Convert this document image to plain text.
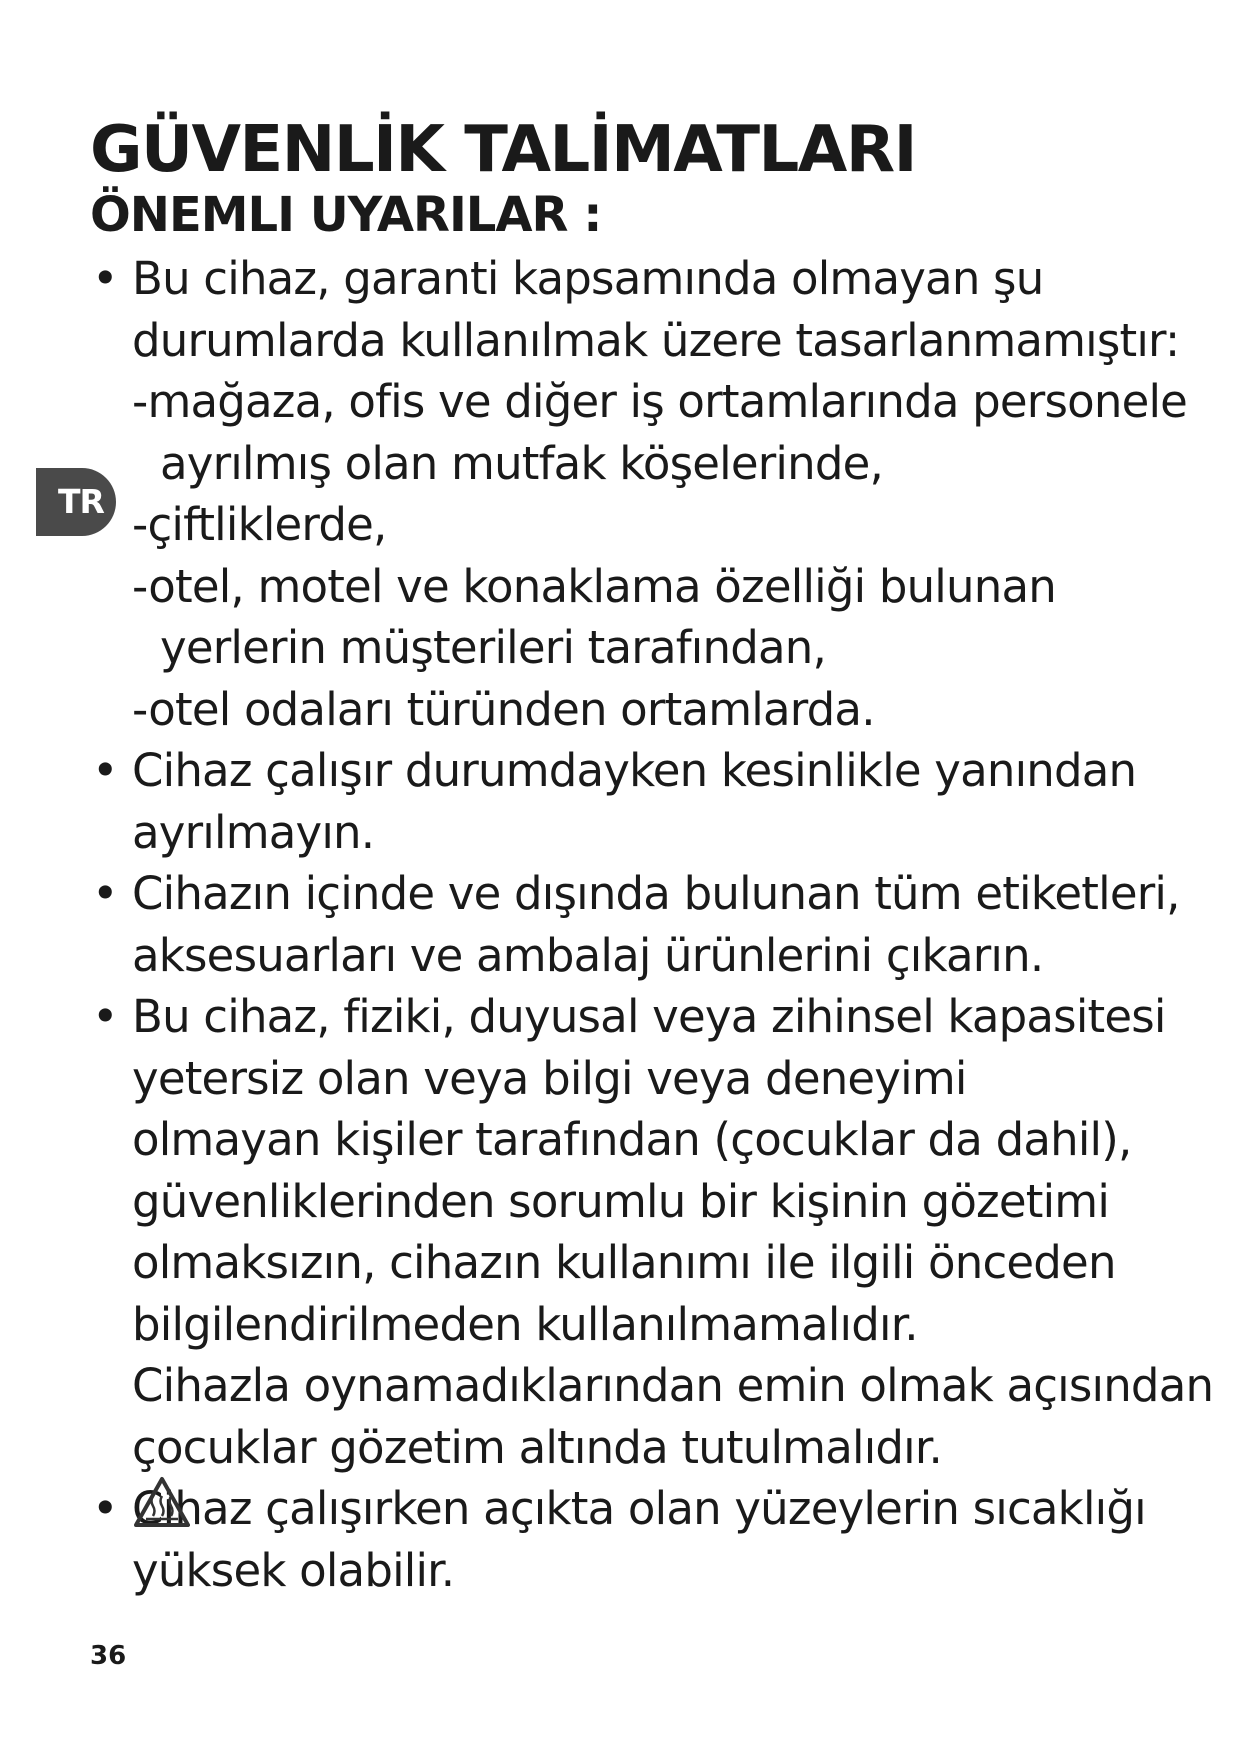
GÜVENLİK TALİMATLARI
ÖNEMLI UYARILAR :
TR
• Bu cihaz, garanti kapsamında olmayan şu
durumlarda kullanılmak üzere tasarlanmamıştır:
-mağaza, ofis ve diğer iş ortamlarında personele
ayrılmış olan mutfak köşelerinde,
-çiftliklerde,
-otel, motel ve konaklama özelliği bulunan
yerlerin müşterileri tarafından,
-otel odaları türünden ortamlarda.
• Cihaz çalışır durumdayken kesinlikle yanından
ayrılmayın.
• Cihazın içinde ve dışında bulunan tüm etiketleri,
aksesuarları ve ambalaj ürünlerini çıkarın.
• Bu cihaz, fiziki, duyusal veya zihinsel kapasitesi
yetersiz olan veya bilgi veya deneyimi
olmayan kişiler tarafından (çocuklar da dahil),
güvenliklerinden sorumlu bir kişinin gözetimi
olmaksızın, cihazın kullanımı ile ilgili önceden
bilgilendirilmeden kullanılmamalıdır.
Cihazla oynamadıklarından emin olmak açısından
çocuklar gözetim altında tutulmalıdır.
• Cihaz çalışırken açıkta olan yüzeylerin sıcaklığı
yüksek olabilir.
36
